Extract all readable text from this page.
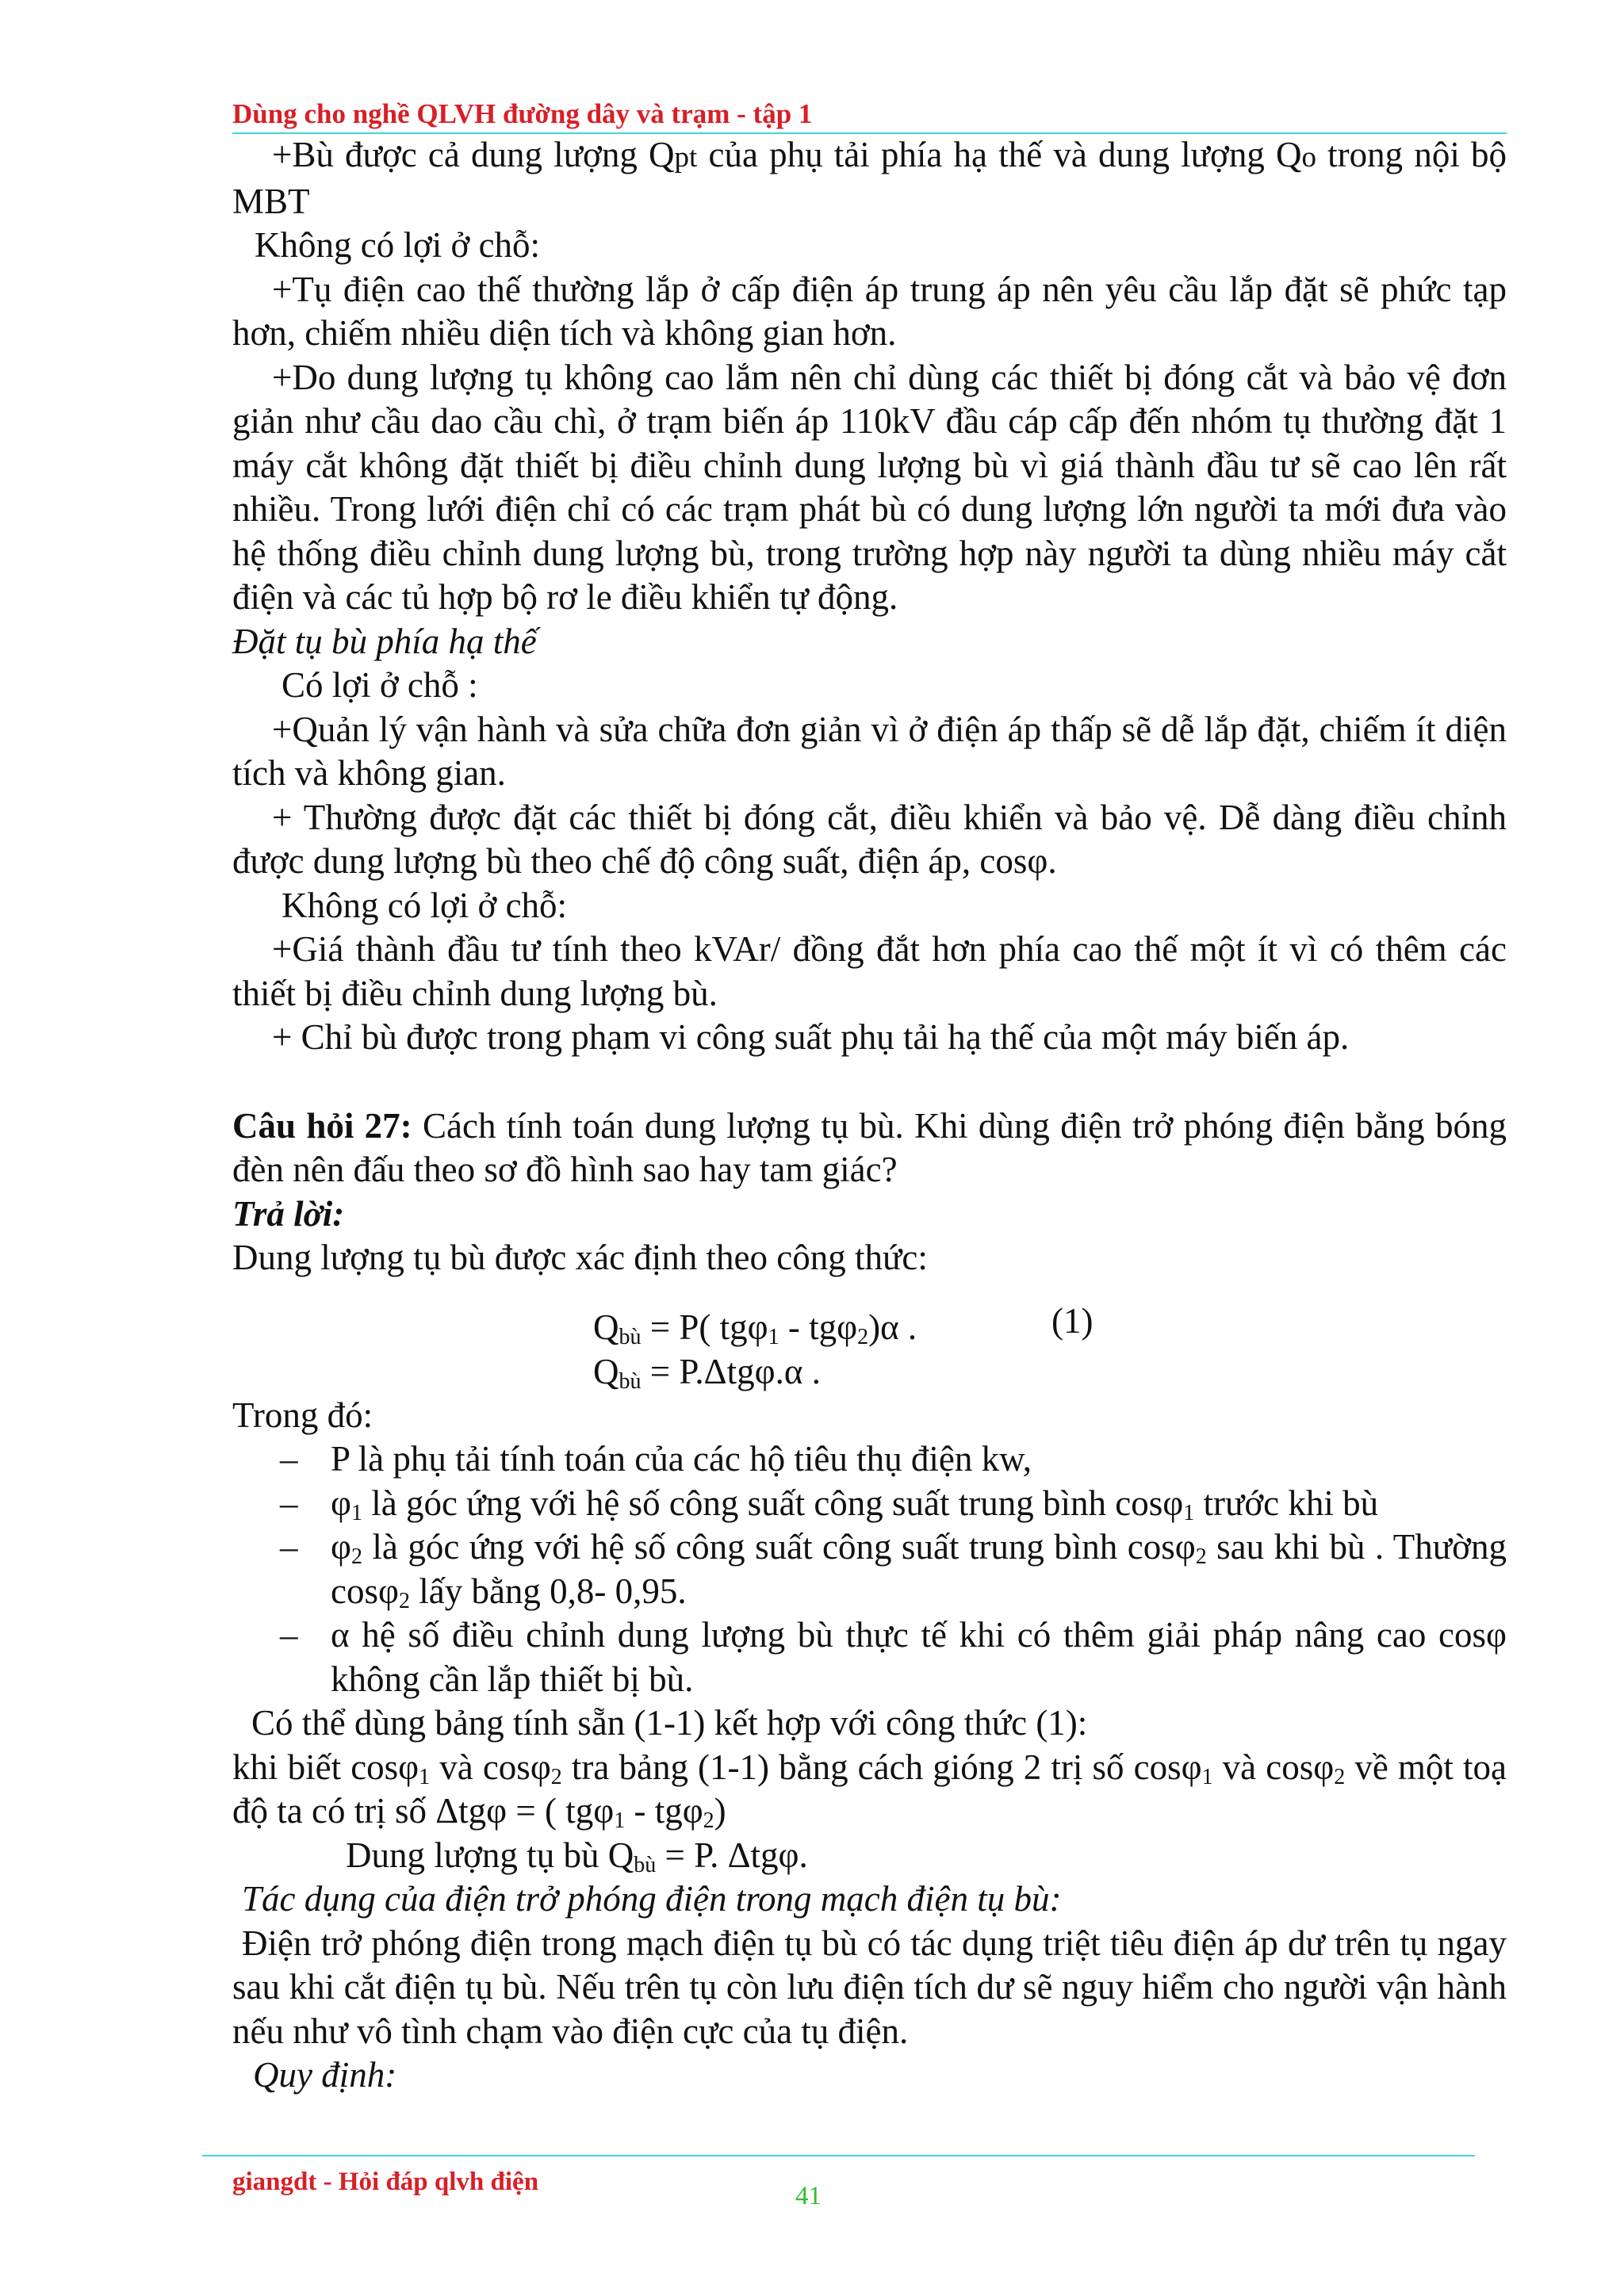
Dùng cho nghề QLVH đường dây và trạm - tập 1
+Bù được cả dung lượng Qpt của phụ tải phía hạ thế và dung lượng Qo trong nội bộ MBT
Không có lợi ở chỗ:
+Tụ điện cao thế thường lắp ở cấp điện áp trung áp nên yêu cầu lắp đặt sẽ phức tạp hơn, chiếm nhiều diện tích và không gian hơn.
+Do dung lượng tụ không cao lắm nên chỉ dùng các thiết bị đóng cắt và bảo vệ đơn giản như cầu dao cầu chì, ở trạm biến áp 110kV đầu cáp cấp đến nhóm tụ thường đặt 1 máy cắt không đặt thiết bị điều chỉnh dung lượng bù vì giá thành đầu tư sẽ cao lên rất nhiều. Trong lưới điện chỉ có các trạm phát bù có dung lượng lớn người ta mới đưa vào hệ thống điều chỉnh dung lượng bù, trong trường hợp này người ta dùng nhiều máy cắt điện và các tủ hợp bộ rơ le điều khiển tự động.
Đặt tụ bù phía hạ thế
Có lợi ở chỗ :
+Quản lý vận hành và sửa chữa đơn giản vì ở điện áp thấp sẽ dễ lắp đặt, chiếm ít diện tích và không gian.
+ Thường được đặt các thiết bị đóng cắt, điều khiển và bảo vệ. Dễ dàng điều chỉnh được dung lượng bù theo chế độ công suất, điện áp, cosφ.
Không có lợi ở chỗ:
+Giá thành đầu tư tính theo kVAr/ đồng đắt hơn phía cao thế một ít vì có thêm các thiết bị điều chỉnh dung lượng bù.
+ Chỉ bù được trong phạm vi công suất phụ tải hạ thế của một máy biến áp.
Câu hỏi 27: Cách tính toán dung lượng tụ bù. Khi dùng điện trở phóng điện bằng bóng đèn nên đấu theo sơ đồ hình sao hay tam giác?
Trả lời:
Dung lượng tụ bù được xác định theo công thức:
$Q_{bù} = P$( tgφ$_1$ - tgφ$_2$)α .	(1)
$Q_{bù} = P.\Delta tg\varphi.\alpha$ .
Trong đó:
– P là phụ tải tính toán của các hộ tiêu thụ điện kw,
– $\varphi_1$ là góc ứng với hệ số công suất công suất trung bình cosφ$_1$ trước khi bù
– $\varphi_2$ là góc ứng với hệ số công suất công suất trung bình cosφ$_2$ sau khi bù . Thường cosφ$_2$ lấy bằng 0,8- 0,95.
– α hệ số điều chỉnh dung lượng bù thực tế khi có thêm giải pháp nâng cao cosφ không cần lắp thiết bị bù.
Có thể dùng bảng tính sẵn (1-1) kết hợp với công thức (1):
khi biết cosφ$_1$ và cosφ$_2$ tra bảng (1-1) bằng cách gióng 2 trị số cosφ$_1$ và cosφ$_2$ về một toạ độ ta có trị số Δtgφ = ( tgφ$_1$ - tgφ$_2$)
Dung lượng tụ bù $Q_{bù} = P$. Δtgφ.
Tác dụng của điện trở phóng điện trong mạch điện tụ bù:
Điện trở phóng điện trong mạch điện tụ bù có tác dụng triệt tiêu điện áp dư trên tụ ngay sau khi cắt điện tụ bù. Nếu trên tụ còn lưu điện tích dư sẽ nguy hiểm cho người vận hành nếu như vô tình chạm vào điện cực của tụ điện.
Quy định:
giangdt - Hỏi đáp qlvh điện	41
